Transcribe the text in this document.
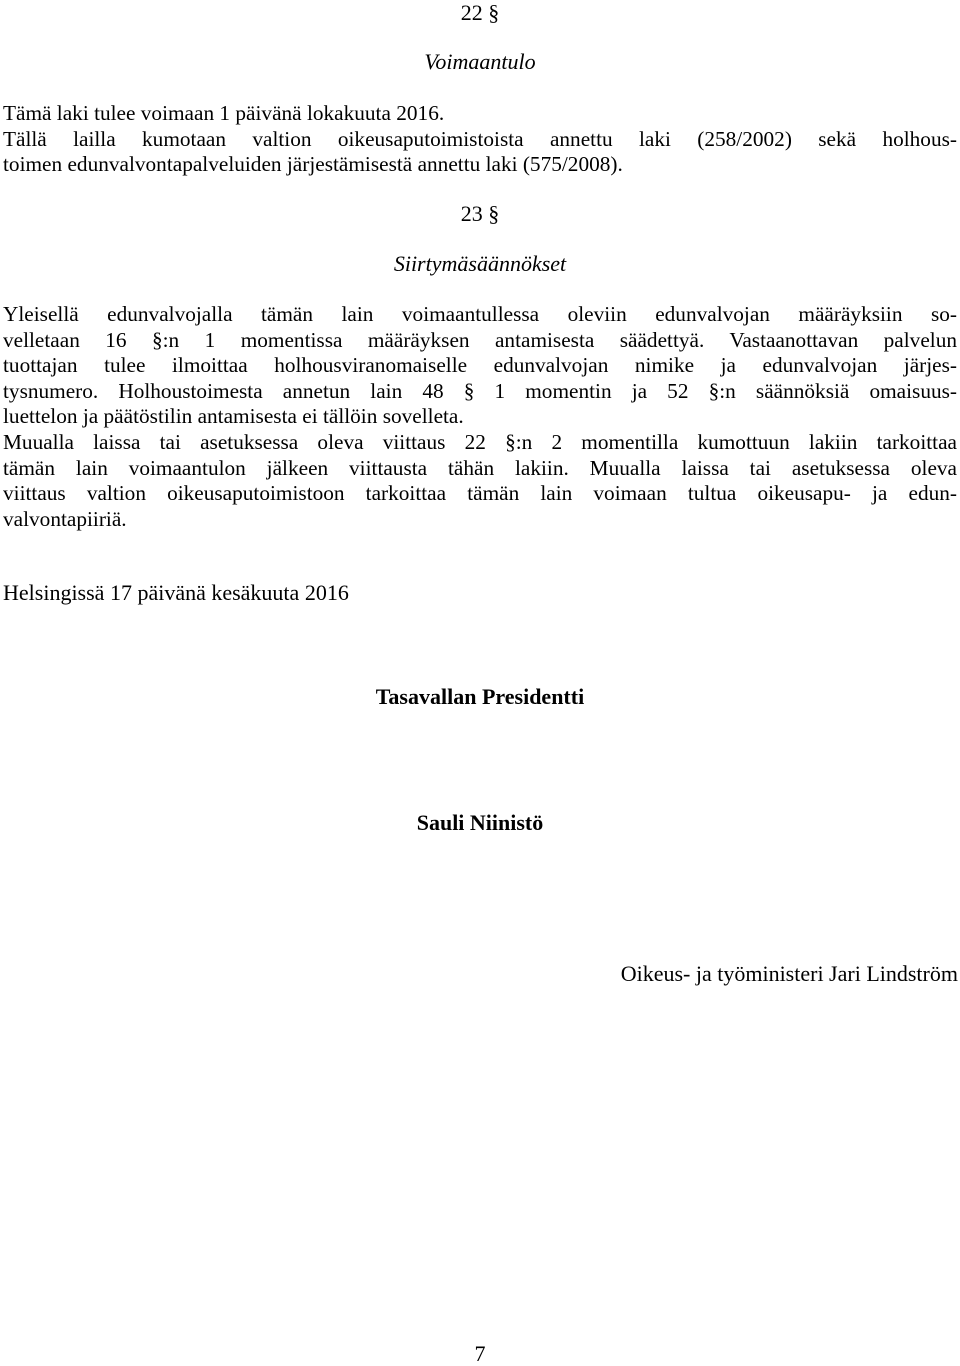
22 §
Voimaantulo
Tämä laki tulee voimaan 1 päivänä lokakuuta 2016.
Tällä lailla kumotaan valtion oikeusaputoimistoista annettu laki (258/2002) sekä holhous-
toimen edunvalvontapalveluiden järjestämisestä annettu laki (575/2008).
23 §
Siirtymäsäännökset
Yleisellä edunvalvojalla tämän lain voimaantullessa oleviin edunvalvojan määräyksiin so-
velletaan 16 §:n 1 momentissa määräyksen antamisesta säädettyä. Vastaanottavan palvelun
tuottajan tulee ilmoittaa holhousviranomaiselle edunvalvojan nimike ja edunvalvojan järjes-
tysnumero. Holhoustoimesta annetun lain 48 § 1 momentin ja 52 §:n säännöksiä omaisuus-
luettelon ja päätöstilin antamisesta ei tällöin sovelleta.
Muualla laissa tai asetuksessa oleva viittaus 22 §:n 2 momentilla kumottuun lakiin tarkoittaa
tämän lain voimaantulon jälkeen viittausta tähän lakiin. Muualla laissa tai asetuksessa oleva
viittaus valtion oikeusaputoimistoon tarkoittaa tämän lain voimaan tultua oikeusapu- ja edun-
valvontapiiriä.
Helsingissä 17 päivänä kesäkuuta 2016
Tasavallan Presidentti
Sauli Niinistö
Oikeus- ja työministeri Jari Lindström
7
